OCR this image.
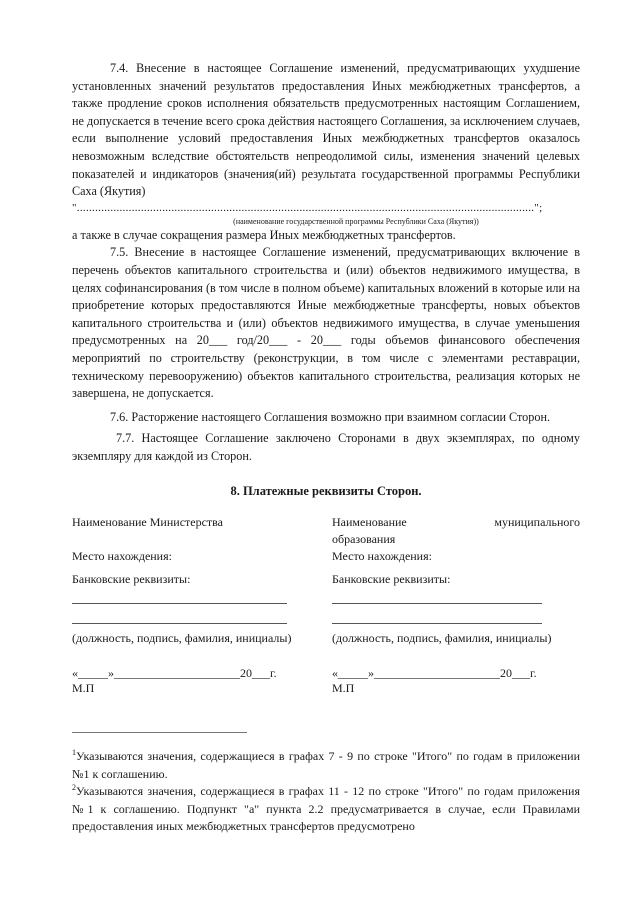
7.4. Внесение в настоящее Соглашение изменений, предусматривающих ухудшение установленных значений результатов предоставления Иных межбюджетных трансфертов, а также продление сроков исполнения обязательств предусмотренных настоящим Соглашением, не допускается в течение всего срока действия настоящего Соглашения, за исключением случаев, если выполнение условий предоставления Иных межбюджетных трансфертов оказалось невозможным вследствие обстоятельств непреодолимой силы, изменения значений целевых показателей и индикаторов (значения(ий) результата государственной программы Республики Саха (Якутия)

"......................................................................................................................................................";

(наименование государственной программы Республики Саха (Якутия))

а также в случае сокращения размера Иных межбюджетных трансфертов.

7.5. Внесение в настоящее Соглашение изменений, предусматривающих включение в перечень объектов капитального строительства и (или) объектов недвижимого имущества, в целях софинансирования (в том числе в полном объеме) капитальных вложений в которые или на приобретение которых предоставляются Иные межбюджетные трансферты, новых объектов капитального строительства и (или) объектов недвижимого имущества, в случае уменьшения предусмотренных на 20___ год/20___ - 20___ годы объемов финансового обеспечения мероприятий по строительству (реконструкции, в том числе с элементами реставрации, техническому перевооружению) объектов капитального строительства, реализация которых не завершена, не допускается.

7.6. Расторжение настоящего Соглашения возможно при взаимном согласии Сторон.

7.7. Настоящее Соглашение заключено Сторонами в двух экземплярах, по одному экземпляру для каждой из Сторон.

8. Платежные реквизиты Сторон.

Наименование Министерства

Место нахождения:

Банковские реквизиты:

(должность, подпись, фамилия, инициалы)

«_____»_____________________20___г.

М.П

Наименование	муниципального

образования

Место нахождения:

Банковские реквизиты:

(должность, подпись, фамилия, инициалы)

«_____»_____________________20___г.

М.П

$^1$Указываются значения, содержащиеся в графах 7 - 9 по строке "Итого" по годам в приложении №1 к соглашению.

$^2$Указываются значения, содержащиеся в графах 11 - 12 по строке "Итого" по годам приложения №1 к соглашению. Подпункт "а" пункта 2.2 предусматривается в случае, если Правилами предоставления иных межбюджетных трансфертов предусмотрено
